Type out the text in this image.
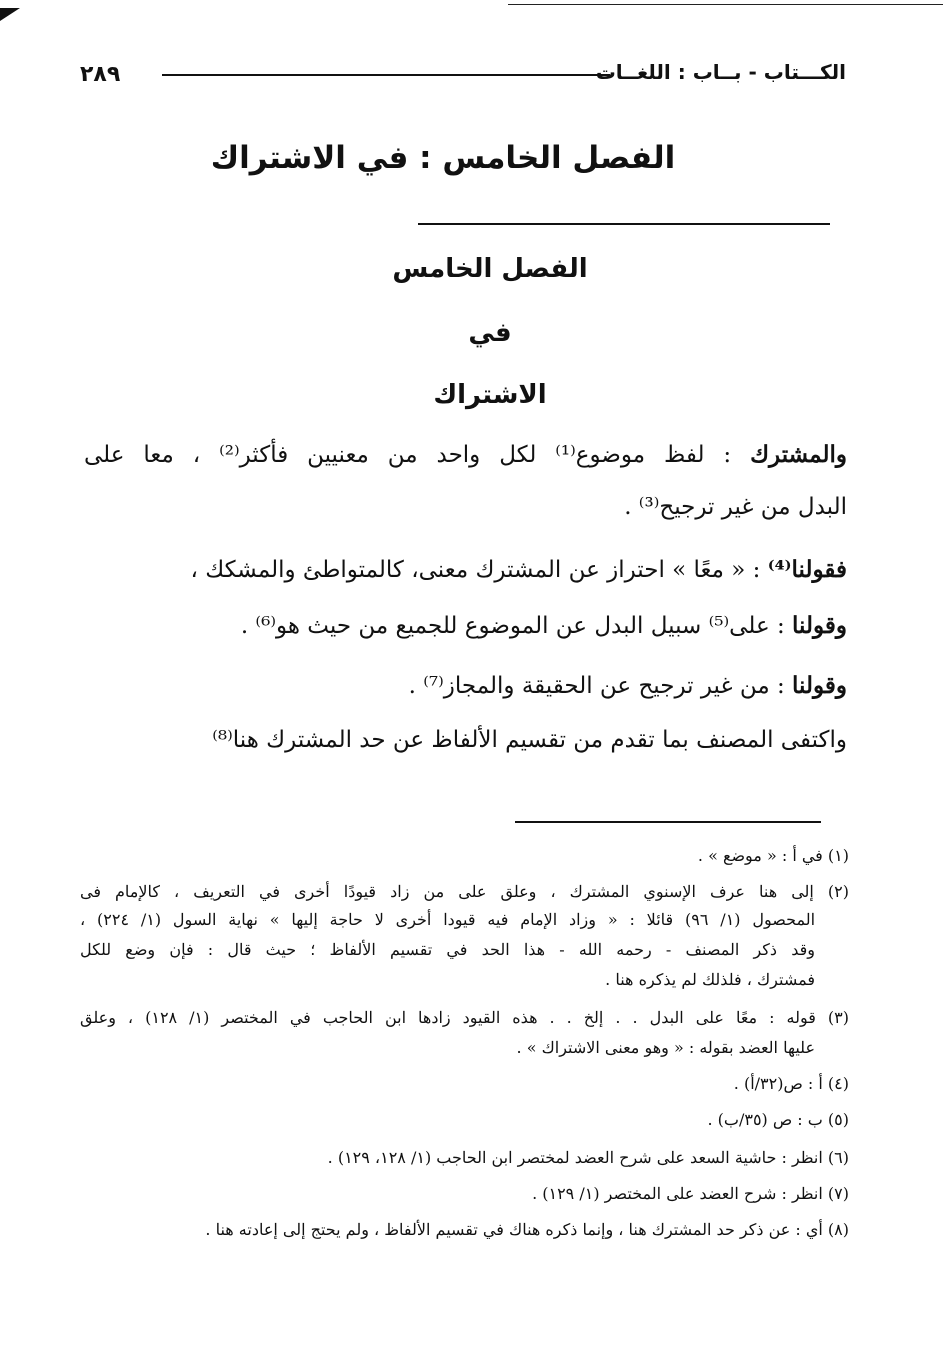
٢٨٩	الكـــتاب - بــاب : اللغــات
الفصل الخامس : في الاشتراك
الفصل الخامس
في
الاشتراك
والمشترك : لفظ موضوع⁽¹⁾ لكل واحد من معنيين فأكثر⁽²⁾ ، معا على
البدل من غير ترجيح⁽³⁾ .
فقولنا⁽⁴⁾ : « معًا » احتراز عن المشترك معنى، كالمتواطئ والمشكك ،
وقولنا : على⁽⁵⁾ سبيل البدل عن الموضوع للجميع من حيث هو⁽⁶⁾ .
وقولنا : من غير ترجيح عن الحقيقة والمجاز⁽⁷⁾ .
واكتفى المصنف بما تقدم من تقسيم الألفاظ عن حد المشترك هنا⁽⁸⁾
(١) في أ : « موضع » .
(٢) إلى هنا عرف الإسنوي المشترك ، وعلق على من زاد قيودًا أخرى في التعريف ، كالإمام فى
المحصول (١/ ٩٦) قائلا : « وزاد الإمام فيه قيودا أخرى لا حاجة إليها » نهاية السول (١/ ٢٢٤) ،
وقد ذكر المصنف - رحمه الله - هذا الحد في تقسيم الألفاظ ؛ حيث قال : فإن وضع للكل
فمشترك ، فلذلك لم يذكره هنا .
(٣) قوله : معًا على البدل . . إلخ . . هذه القيود زادها ابن الحاجب في المختصر (١/ ١٢٨) ، وعلق
عليها العضد بقوله : « وهو معنى الاشتراك » .
(٤) أ : ص(٣٢/أ) .
(٥) ب : ص (٣٥/ب) .
(٦) انظر : حاشية السعد على شرح العضد لمختصر ابن الحاجب (١/ ١٢٨، ١٢٩) .
(٧) انظر : شرح العضد على المختصر (١/ ١٢٩) .
(٨) أي : عن ذكر حد المشترك هنا ، وإنما ذكره هناك في تقسيم الألفاظ ، ولم يحتج إلى إعادته هنا .
